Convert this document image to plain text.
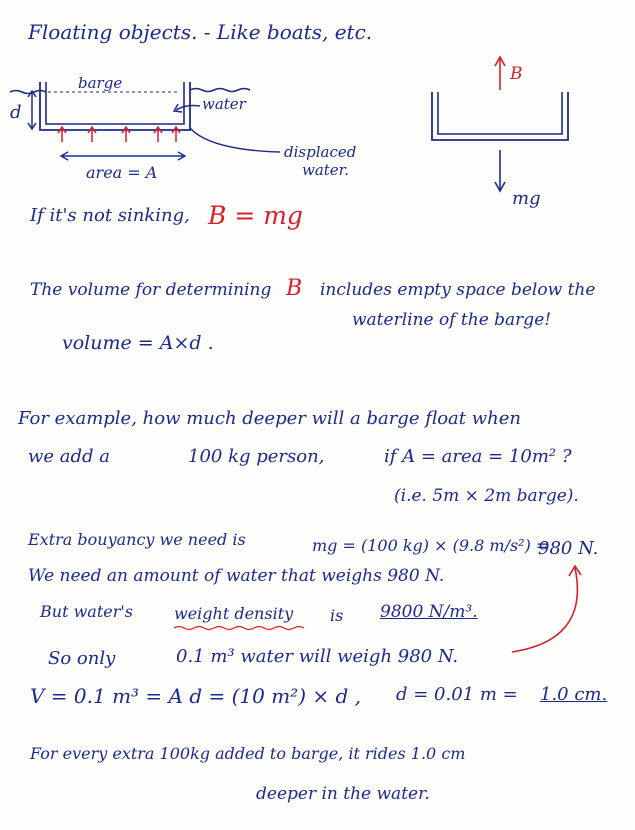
Floating objects. - Like boats, etc.
barge
water
d
area = A
displaced
water.
B
mg
If it's not sinking, B = mg
The volume for determining B includes empty space below the
waterline of the barge!
volume = A×d .
For example, how much deeper will a barge float when
we add a	100 kg person,	if A = area = 10m² ?
(i.e. 5m × 2m barge).
Extra bouyancy we need is	mg = (100 kg) × (9.8 m/s²) =
980 N.
We need an amount of water that weighs 980 N.
But water's	weight density is 9800 N/m³.
So only	0.1 m³ water will weigh 980 N.
V = 0.1 m³ = A d = (10 m²) × d , d = 0.01 m = 1.0 cm.
For every extra 100kg added to barge, it rides 1.0 cm
deeper in the water.
